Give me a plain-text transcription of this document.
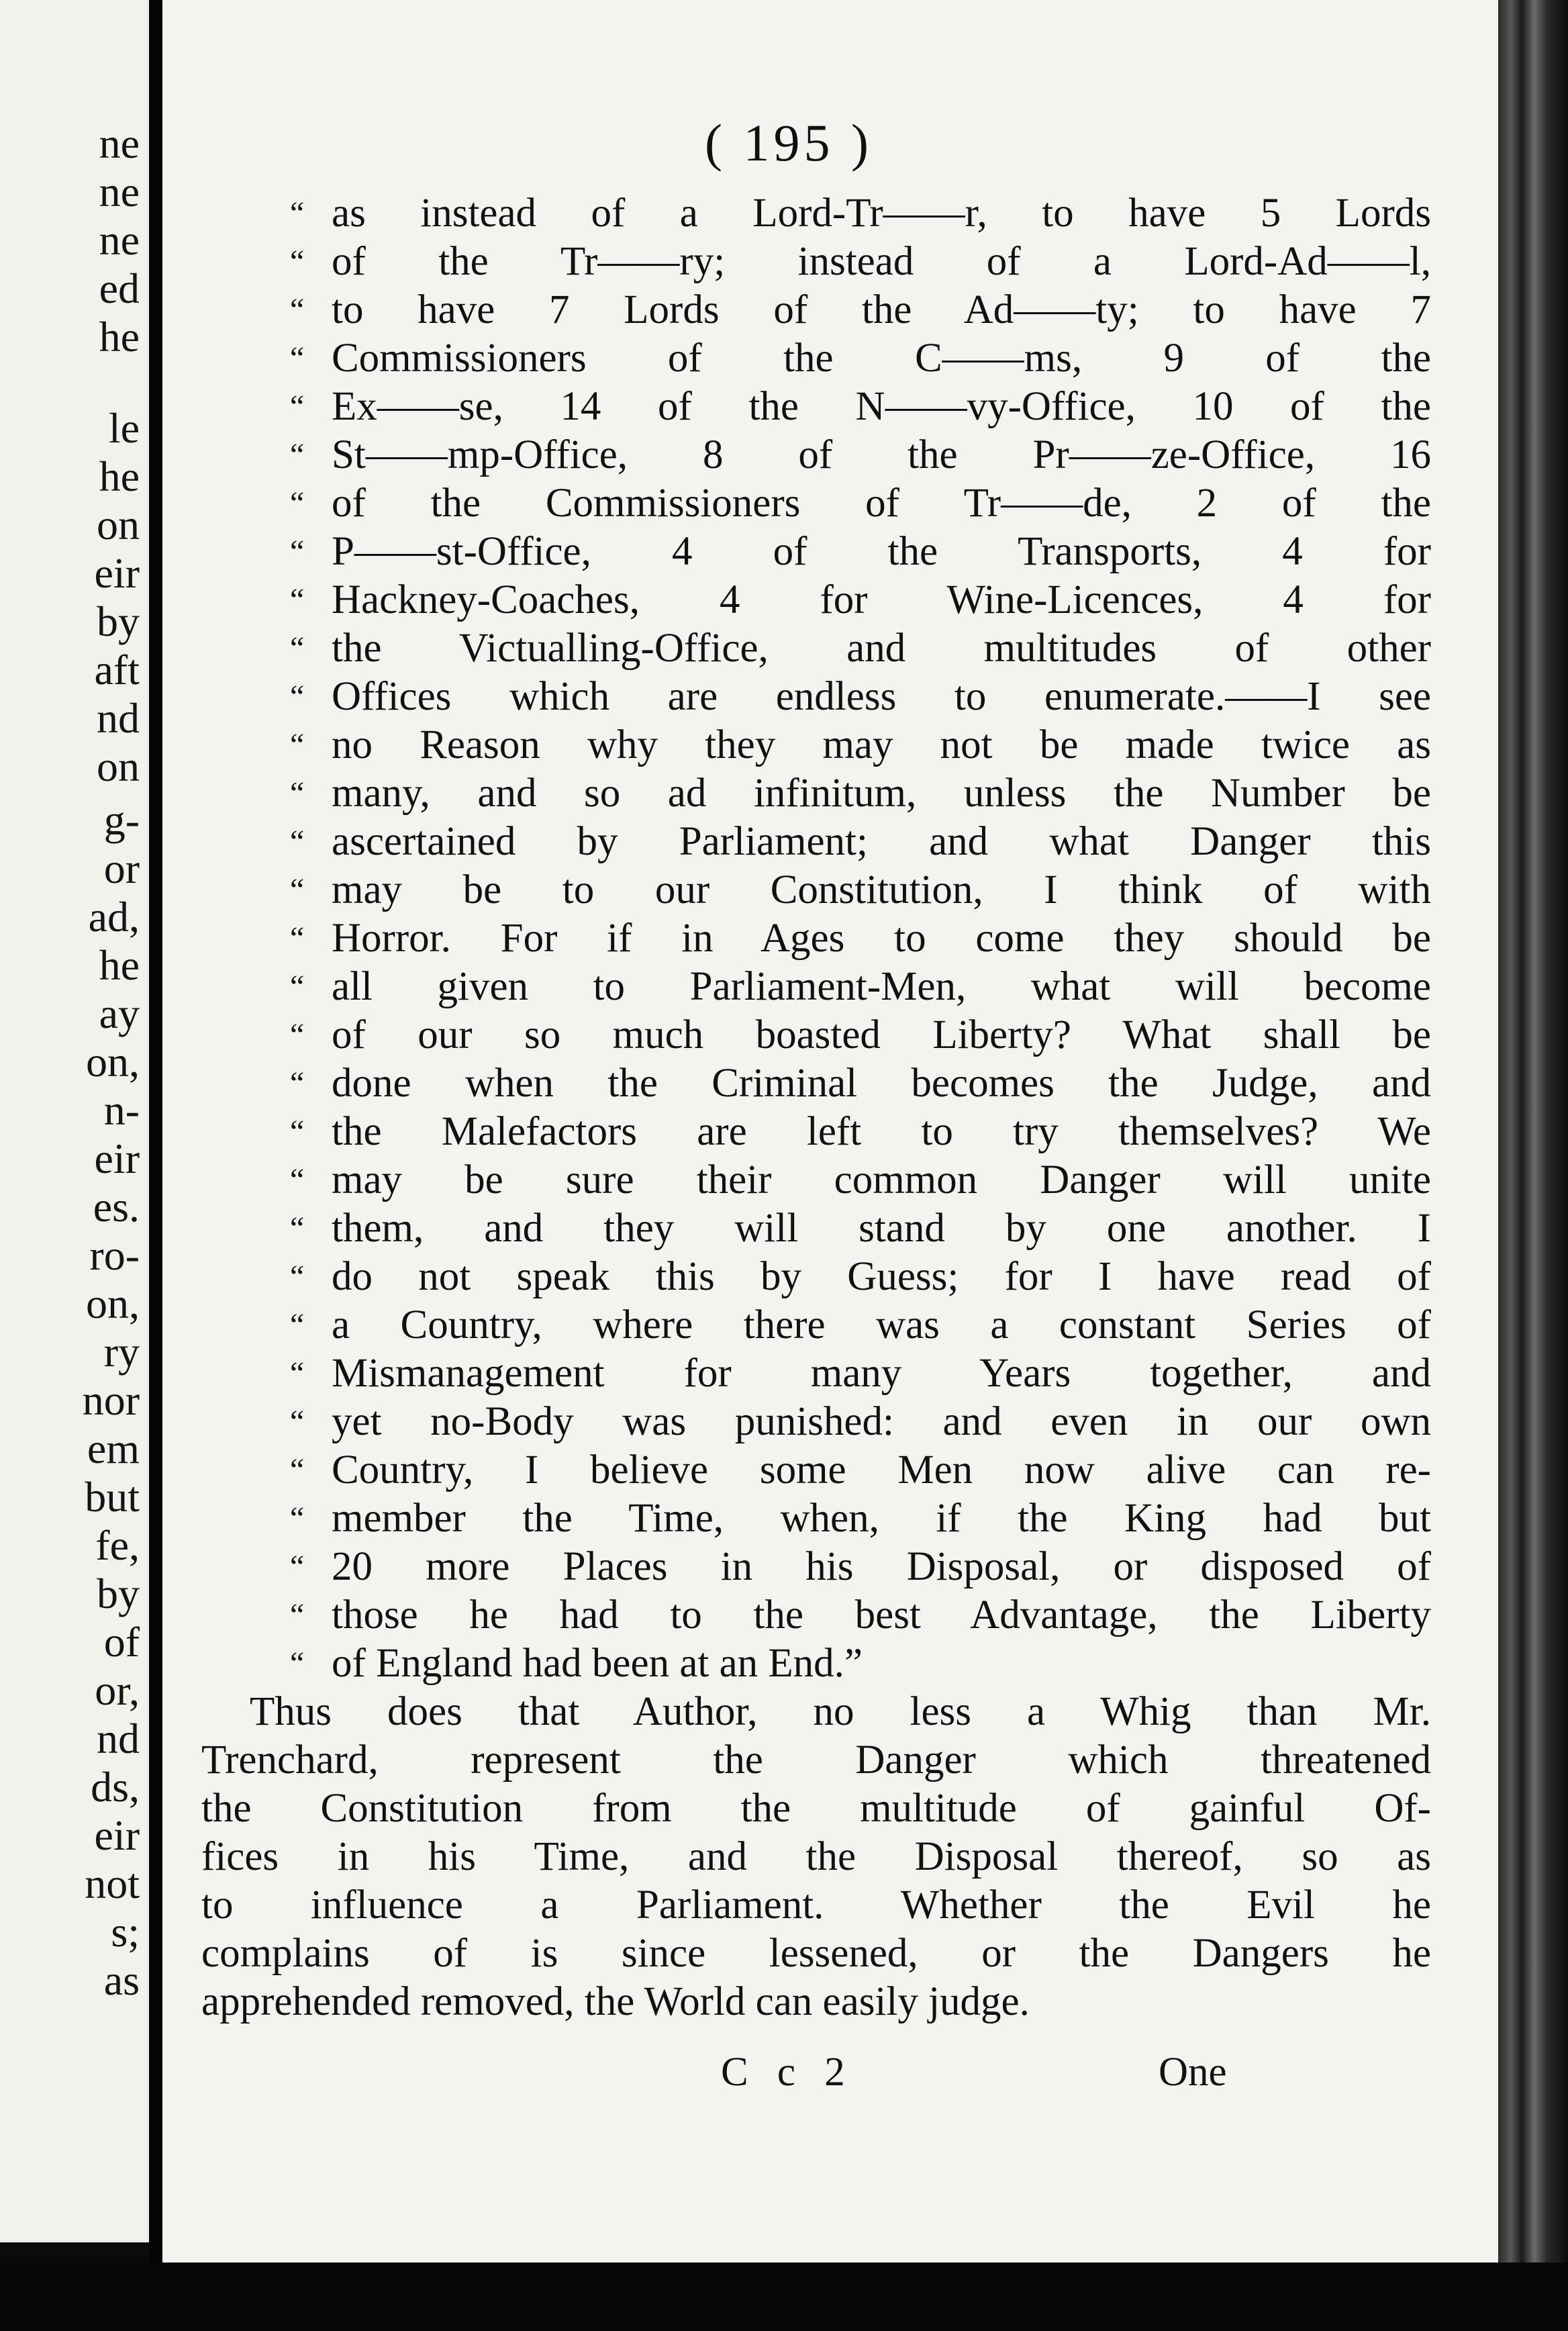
ne
ne
ne
ed
he
le
he
on
eir
by
aft
nd
on
g-
or
ad,
he
ay
on,
n-
eir
es.
ro-
on,
ry
nor
em
but
fe,
by
of
or,
nd
ds,
eir
not
s;
as
( 195 )
“ as instead of a Lord-Tr——r, to have 5 Lords
“ of the Tr——ry; instead of a Lord-Ad——l,
“ to have 7 Lords of the Ad——ty; to have 7
“ Commissioners of the C——ms, 9 of the
“ Ex——se, 14 of the N——vy-Office, 10 of the
“ St——mp-Office, 8 of the Pr——ze-Office, 16
“ of the Commissioners of Tr——de, 2 of the
“ P——st-Office, 4 of the Transports, 4 for
“ Hackney-Coaches, 4 for Wine-Licences, 4 for
“ the Victualling-Office, and multitudes of other
“ Offices which are endless to enumerate.——I see
“ no Reason why they may not be made twice as
“ many, and so ad infinitum, unless the Number be
“ ascertained by Parliament; and what Danger this
“ may be to our Constitution, I think of with
“ Horror. For if in Ages to come they should be
“ all given to Parliament-Men, what will become
“ of our so much boasted Liberty? What shall be
“ done when the Criminal becomes the Judge, and
“ the Malefactors are left to try themselves? We
“ may be sure their common Danger will unite
“ them, and they will stand by one another. I
“ do not speak this by Guess; for I have read of
“ a Country, where there was a constant Series of
“ Mismanagement for many Years together, and
“ yet no-Body was punished: and even in our own
“ Country, I believe some Men now alive can re-
“ member the Time, when, if the King had but
“ 20 more Places in his Disposal, or disposed of
“ those he had to the best Advantage, the Liberty
“ of England had been at an End.”
Thus does that Author, no less a Whig than Mr.
Trenchard, represent the Danger which threatened
the Constitution from the multitude of gainful Of-
fices in his Time, and the Disposal thereof, so as
to influence a Parliament. Whether the Evil he
complains of is since lessened, or the Dangers he
apprehended removed, the World can easily judge.
C c 2	One
